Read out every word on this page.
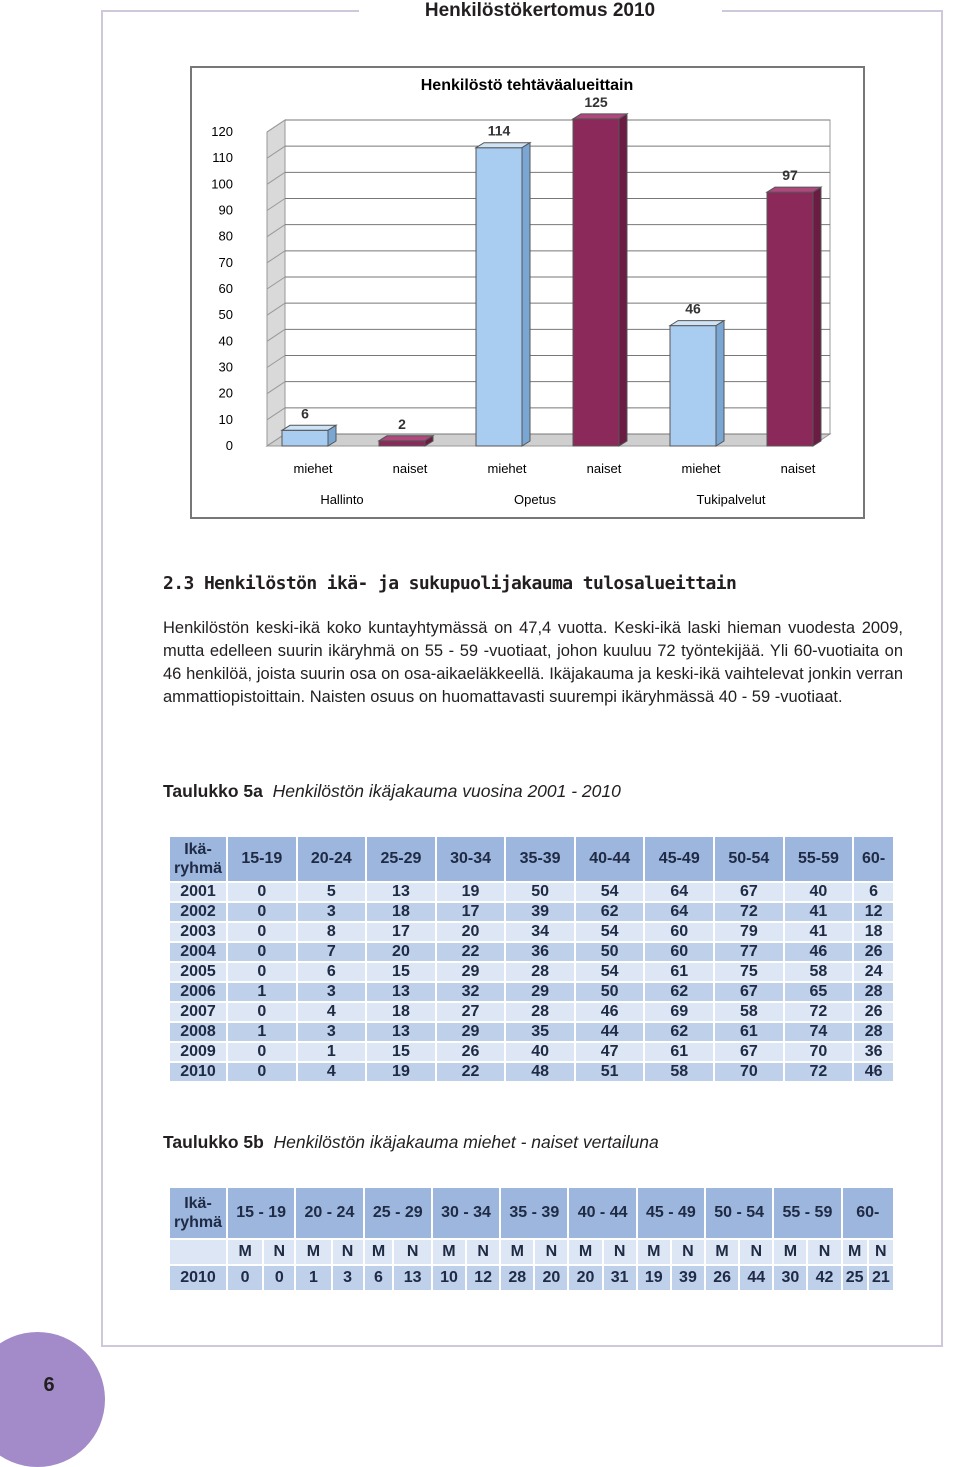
Henkilöstökertomus 2010
Henkilöstö tehtäväalueittain
0
10
20
30
40
50
60
70
80
90
100
110
120
6
miehet
2
naiset
114
miehet
125
naiset
46
miehet
97
naiset
Hallinto	Opetus	Tukipalvelut
2.3 Henkilöstön ikä- ja sukupuolijakauma tulosalueittain

Henkilöstön keski-ikä koko kuntayhtymässä on 47,4 vuotta. Keski-ikä laski hieman vuodesta 2009, mutta edelleen suurin ikäryhmä on 55 - 59 -vuotiaat, johon kuuluu 72 työntekijää. Yli 60-vuotiaita on 46 henkilöä, joista suurin osa on osa-aikaeläkkeellä. Ikäjakauma ja keski-ikä vaihtelevat jonkin verran ammattiopistoittain. Naisten osuus on huomattavasti suurempi ikäryhmässä 40 - 59 -vuotiaat.

Taulukko 5a Henkilöstön ikäjakauma vuosina 2001 - 2010

Ikä-
ryhmä	15-19	20-24	25-29	30-34	35-39	40-44	45-49	50-54	55-59	60-
2001	0	5	13	19	50	54	64	67	40	6
2002	0	3	18	17	39	62	64	72	41	12
2003	0	8	17	20	34	54	60	79	41	18
2004	0	7	20	22	36	50	60	77	46	26
2005	0	6	15	29	28	54	61	75	58	24
2006	1	3	13	32	29	50	62	67	65	28
2007	0	4	18	27	28	46	69	58	72	26
2008	1	3	13	29	35	44	62	61	74	28
2009	0	1	15	26	40	47	61	67	70	36
2010	0	4	19	22	48	51	58	70	72	46

Taulukko 5b Henkilöstön ikäjakauma miehet - naiset vertailuna

Ikä-
ryhmä	15 - 19		20 - 24		25 - 29		30 - 34		35 - 39		40 - 44		45 - 49		50 - 54		55 - 59		60-	
	M	N	M	N	M	N	M	N	M	N	M	N	M	N	M	N	M	N	M	N
2010	0	0	1	3	6	13	10	12	28	20	20	31	19	39	26	44	30	42	25	21
6
